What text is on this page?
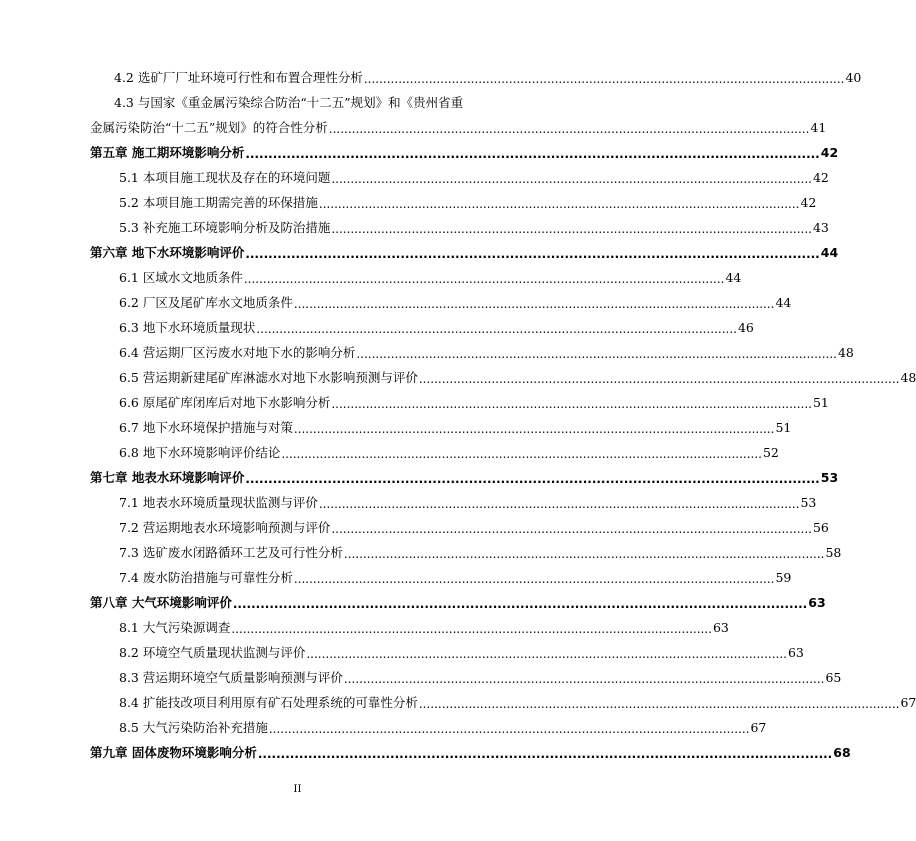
4.2 选矿厂厂址环境可行性和布置合理性分析 .............................................................................................................................. 40
4.3 与国家《重金属污染综合防治“十二五”规划》和《贵州省重
金属污染防治“十二五”规划》的符合性分析 .............................................................................................................................. 41
第五章 施工期环境影响分析 .............................................................................................................................. 42
5.1 本项目施工现状及存在的环境问题 .............................................................................................................................. 42
5.2 本项目施工期需完善的环保措施 .............................................................................................................................. 42
5.3 补充施工环境影响分析及防治措施 .............................................................................................................................. 43
第六章 地下水环境影响评价 .............................................................................................................................. 44
6.1 区域水文地质条件 .............................................................................................................................. 44
6.2 厂区及尾矿库水文地质条件 .............................................................................................................................. 44
6.3 地下水环境质量现状 .............................................................................................................................. 46
6.4 营运期厂区污废水对地下水的影响分析 .............................................................................................................................. 48
6.5 营运期新建尾矿库淋滤水对地下水影响预测与评价 .............................................................................................................................. 48
6.6 原尾矿库闭库后对地下水影响分析 .............................................................................................................................. 51
6.7 地下水环境保护措施与对策 .............................................................................................................................. 51
6.8 地下水环境影响评价结论 .............................................................................................................................. 52
第七章 地表水环境影响评价 .............................................................................................................................. 53
7.1 地表水环境质量现状监测与评价 .............................................................................................................................. 53
7.2 营运期地表水环境影响预测与评价 .............................................................................................................................. 56
7.3 选矿废水闭路循环工艺及可行性分析 .............................................................................................................................. 58
7.4 废水防治措施与可靠性分析 .............................................................................................................................. 59
第八章 大气环境影响评价 .............................................................................................................................. 63
8.1 大气污染源调查 .............................................................................................................................. 63
8.2 环境空气质量现状监测与评价 .............................................................................................................................. 63
8.3 营运期环境空气质量影响预测与评价 .............................................................................................................................. 65
8.4 扩能技改项目利用原有矿石处理系统的可靠性分析 .............................................................................................................................. 67
8.5 大气污染防治补充措施 .............................................................................................................................. 67
第九章 固体废物环境影响分析 .............................................................................................................................. 68
II
